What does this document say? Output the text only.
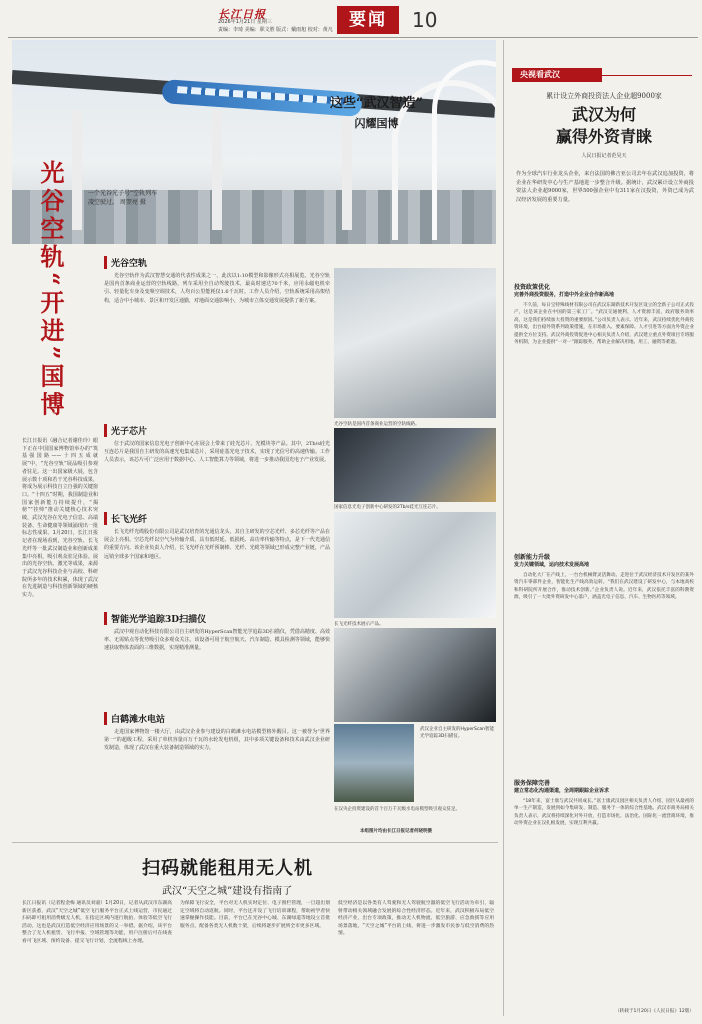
长江日报
2026年1月21日 星期三
责编：李琦 美编：职文胜 版式：戴雨旭 校对：黄凡 要闻	10
这些“武汉智造”
闪耀国博
一个光谷光子号”空轨列车
凌空驶过。 周翌亮 摄
光谷空轨“开进”国博
长江日报讯（融合记者谢佳玲）眼下正在中国国家博物馆举办的“筑基强国路——十四五成就展”中，“光谷空轨”展品吸引参观者驻足。这一出国家级大展，包含展示数十项和若干光谷科技成果，将成为展示科技自立自强的关键窗口。“十四五”时期，我国制造业和国家创新能力持续提升，“揭榜”“挂帅”推动关键核心技术突破，武汉光谷在光电子信息、高端装备、生命健康等领域涌现出一批标志性成果。1月20日，长江日报记者在现场看到，光谷空轨、长飞光纤等一批武汉制造业和创新成果集中亮相，吸引观众驻足体验。展出的光谷空轨、激光等成果，来源于武汉光谷科技企业与高校、科研院所多年的技术积累，体现了武汉在先进制造与科技创新领域的硬核实力。
光谷空轨
光谷空轨作为武汉智慧交通的代表性成果之一，此次以1:10模型和影像形式亮相展览。光谷空轨是国内首条商业运营的空轨线路，列车采用全自动驾驶技术，最高时速达70千米，应用永磁电机牵引、轻量化车身及变频空调技术，人均百公里能耗仅1.6千瓦时。工作人员介绍，空轨系统采用高架结构，适合中小城市、景区和开发区通勤，对地面交通影响小，为城市立体交通发展提供了新方案。
光子芯片
位于武汉的国家信息光电子创新中心在展会上带来了硅光芯片、光模块等产品。其中，2Tb/s硅光互连芯片是我国自主研发的高速光电集成芯片，采用硅基光电子技术，实现了光信号的高速传输。工作人员表示，该芯片可广泛应用于数据中心、人工智能算力等领域，将进一步推动我国光电子产业发展。
长飞光纤
长飞光纤光缆股份有限公司是武汉培育的光通信龙头，其自主研发的空芯光纤、多芯光纤等产品在展会上亮相。空芯光纤以空气为传输介质，具有低时延、低损耗、高功率传输等特点，是下一代光通信的重要方向。该企业负责人介绍，长飞光纤在光纤预制棒、光纤、光缆等领域已形成完整产业链，产品远销全球多个国家和地区。
智能光学追踪3D扫描仪
武汉中观自动化科技有限公司自主研发的HyperScan智能光学追踪3D扫描仪，凭借高精度、高效率、无需贴点等优势吸引众多观众关注。该设备可用于航空航天、汽车制造、模具检测等领域，能够快速获取物体表面的三维数据，实现精准测量。
白鹤滩水电站
走进国家博物馆一楼大厅，由武汉企业参与建设的白鹤滩水电站模型格外醒目。这一被誉为“世界第一”的超级工程，采用了单机容量百万千瓦的水轮发电机组，其中多项关键设备和技术由武汉企业研发制造，体现了武汉在重大装备制造领域的实力。
光谷空轨是国内首条商业运营的空轨线路。
国家信息光电子创新中心研发的2Tb/s硅光互连芯片。
长飞光纤技术展示产品。
武汉企业自主研发的HyperScan智能光学追踪3D扫描仪。
在汉央企投资建设的首个百万千瓦级水电站模型吸引观众驻足。
本组图片均由长江日报记者何晓明摄
扫码就能租用无人机
武汉“天空之城”建设有指南了
长江日报讯（记者程金梅 通讯员刘嘉）1月20日，记者从武汉市东湖高新区获悉，武汉“天空之城”低空飞行服务平台正式上线运营，市民通过扫码即可租用消费级无人机，在指定区域内进行航拍、体验等低空飞行活动。这也是武汉打造低空经济应用场景的又一举措。据介绍，该平台整合了无人机租赁、飞行申报、空域管理等功能，用户注册后可在线查看可飞区域、预约设备、提交飞行计划，全流程线上办理。
为保障飞行安全，平台对无人机实时定位、电子围栏管理，一旦超出划定空域将自动返航。同时，平台还开设了飞行培训课程，帮助初学者快速掌握操作技能。目前，平台已在光谷中心城、东湖绿道等地设立首批服务点，配备各类无人机数十架，后续将逐步扩展到全市更多区域。
低空经济是以各类有人驾驶和无人驾驶航空器的低空飞行活动为牵引，辐射带动相关领域融合发展的综合性经济形态。近年来，武汉积极布局低空经济产业，出台专项政策，推动无人机物流、低空旅游、应急救援等应用场景落地，“天空之城”平台的上线，将进一步激发市民参与低空消费的热情。
央视看武汉
累计设立外商投资法人企业超9000家
武汉为何
赢得外资青睐
人民日报记者范昊天
作为全球汽车行业龙头企业，来自法国的佛吉亚公司去年在武汉追加投资，将企业在华研发中心与生产基地进一步整合升级。据统计，武汉累计设立外商投资法人企业超9000家，世界500强企业中有311家在汉投资，外资已成为武汉经济发展的重要力量。
投资政策优化
完善外商投资服务，打造中外企业合作新高地
不久前，每日宝特殊线材有限公司在武汉东湖新技术开发区设立的全新子公司正式投产，这是该企业在中国的第三家工厂。“武汉交通便利、人才资源丰富，政府服务效率高，这是我们持续加大投资的重要原因。”公司负责人表示。近年来，武汉持续优化外商投资环境，出台稳外资系列政策措施，在市场准入、要素保障、人才引进等方面为外资企业提供全方位支持。武汉外商投资促进中心相关负责人介绍，武汉建立重点外资项目专班服务机制，为企业提供“一对一”跟踪服务，帮助企业解决用地、用工、融资等难题。
创新能力升级
发力关键领域，运向技术发展高地
自动化大厂在产线上，一台台机械臂灵活舞动。走进位于武汉经济技术开发区的某外资汽车零部件企业，智能化生产线高效运转。“我们在武汉建设了研发中心，与本地高校和科研院所开展合作，推动技术创新。”企业负责人说。近年来，武汉依托丰富的科教资源，吸引了一大批外资研发中心落户，涵盖光电子信息、汽车、生物医药等领域。
服务保障完善
建立常态化沟通渠道，全周期跟踪企业诉求
“18年来，富士康与武汉共同成长。”富士康武汉园区相关负责人介绍，园区从最初的单一生产制造，发展到如今集研发、制造、服务于一体的综合性基地。武汉市商务局相关负责人表示，武汉将持续深化对外开放，打造市场化、法治化、国际化一流营商环境，推动外资企业在汉扎根发展，实现互利共赢。
（转载于1月20日《人民日报》12版）
